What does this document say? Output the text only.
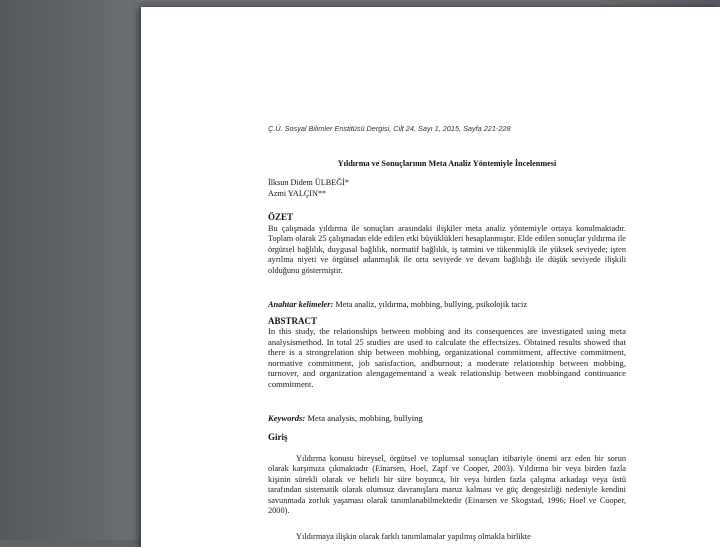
Ç.Ü. Sosyal Bilimler Enstitüsü Dergisi, Cilt 24, Sayı 1, 2015, Sayfa 221-228
Yıldırma ve Sonuçlarının Meta Analiz Yöntemiyle İncelenmesi
İlksun Didem ÜLBEĞİ*
Azmi YALÇIN**
ÖZET
Bu çalışmada yıldırma ile sonuçları arasındaki ilişkiler meta analiz yöntemiyle ortaya konulmaktadır. Toplam olarak 25 çalışmadan elde edilen etki büyüklükleri hesaplanmıştır. Elde edilen sonuçlar yıldırma ile örgütsel bağlılık, duygusal bağlılık, normatif bağlılık, iş tatmini ve tükenmişlik ile yüksek seviyede; işten ayrılma niyeti ve örgütsel adanmışlık ile orta seviyede ve devam bağlılığı ile düşük seviyede ilişkili olduğunu göstermiştir.
Anahtar kelimeler: Meta analiz, yıldırma, mobbing, bullying, psikolojik taciz
ABSTRACT
In this study, the relationships between mobbing and its consequences are investigated using meta analysismethod. In total 25 studies are used to calculate the effectsizes. Obtained results showed that there is a strongrelation ship between mobbing, organizational commitment, affective commitment, normative commitment, job satisfaction, andburnout; a moderate relationship between mobbing, turnover, and organization alengagementand a weak relationship between mobbingand continuance commitment.
Keywords: Meta analysis, mobbing, bullying
Giriş
Yıldırma konusu bireysel, örgütsel ve toplumsal sonuçları itibariyle önemi arz eden bir sorun olarak karşımıza çıkmaktadır (Einarsen, Hoel, Zapf ve Cooper, 2003). Yıldırma bir veya birden fazla kişinin sürekli olarak ve belirli bir süre boyunca, bir veya birden fazla çalışma arkadaşı veya üstü tarafından sistematik olarak olumsuz davranışlara maruz kalması ve güç dengesizliği nedeniyle kendini savunmada zorluk yaşaması olarak tanımlanabilmektedir (Einarsen ve Skogstad, 1996; Hoel ve Cooper, 2000).
Yıldırmaya ilişkin olarak farklı tanımlamalar yapılmış olmakla birlikte
